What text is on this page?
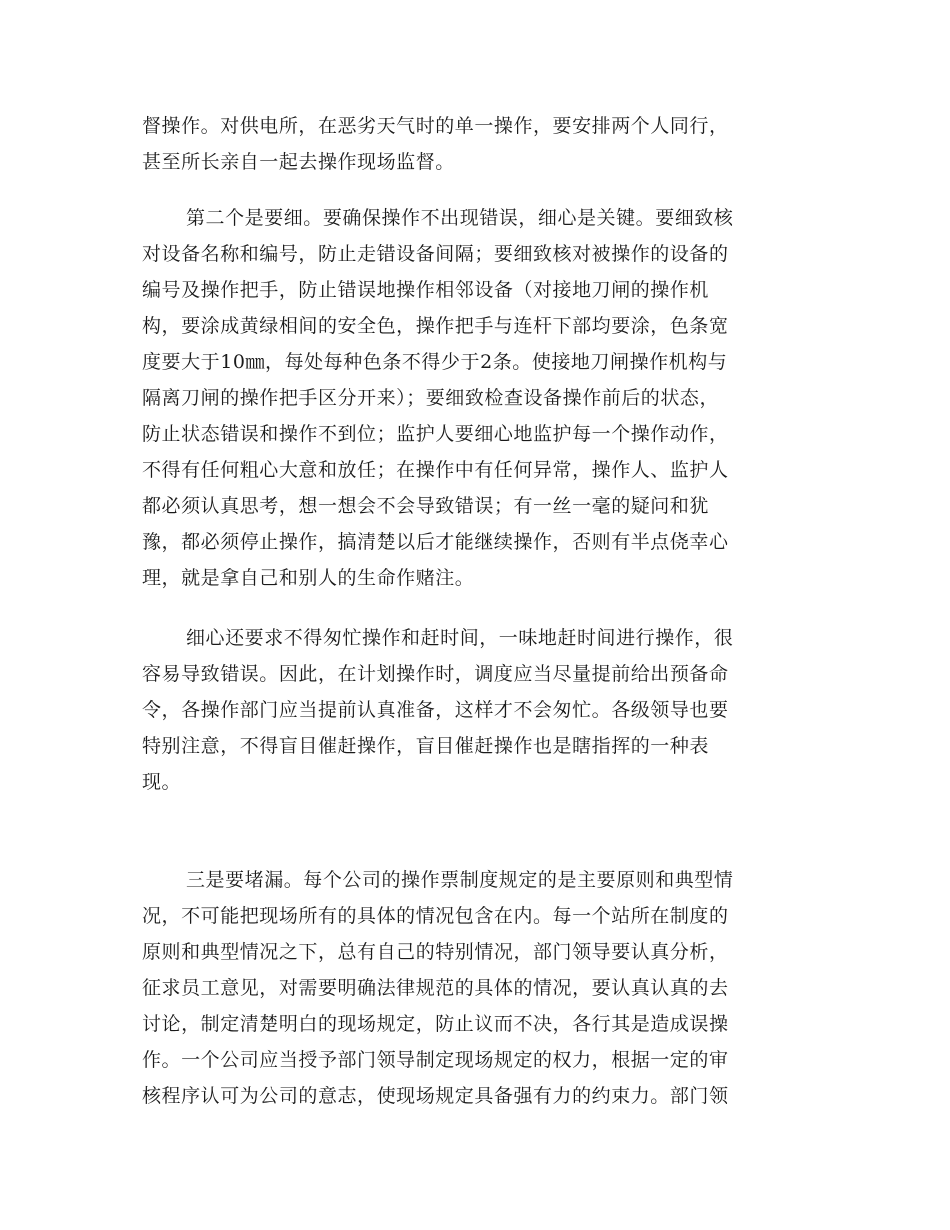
督操作。对供电所，在恶劣天气时的单一操作，要安排两个人同行，
甚至所长亲自一起去操作现场监督。
第二个是要细。要确保操作不出现错误，细心是关键。要细致核
对设备名称和编号，防止走错设备间隔；要细致核对被操作的设备的
编号及操作把手，防止错误地操作相邻设备（对接地刀闸的操作机
构，要涂成黄绿相间的安全色，操作把手与连杆下部均要涂，色条宽
度要大于10㎜，每处每种色条不得少于2条。使接地刀闸操作机构与
隔离刀闸的操作把手区分开来）；要细致检查设备操作前后的状态，
防止状态错误和操作不到位；监护人要细心地监护每一个操作动作，
不得有任何粗心大意和放任；在操作中有任何异常，操作人、监护人
都必须认真思考，想一想会不会导致错误；有一丝一毫的疑问和犹
豫，都必须停止操作，搞清楚以后才能继续操作，否则有半点侥幸心
理，就是拿自己和别人的生命作赌注。
细心还要求不得匆忙操作和赶时间，一味地赶时间进行操作，很
容易导致错误。因此，在计划操作时，调度应当尽量提前给出预备命
令，各操作部门应当提前认真准备，这样才不会匆忙。各级领导也要
特别注意，不得盲目催赶操作，盲目催赶操作也是瞎指挥的一种表
现。
三是要堵漏。每个公司的操作票制度规定的是主要原则和典型情
况，不可能把现场所有的具体的情况包含在内。每一个站所在制度的
原则和典型情况之下，总有自己的特别情况，部门领导要认真分析，
征求员工意见，对需要明确法律规范的具体的情况，要认真认真的去
讨论，制定清楚明白的现场规定，防止议而不决，各行其是造成误操
作。一个公司应当授予部门领导制定现场规定的权力，根据一定的审
核程序认可为公司的意志，使现场规定具备强有力的约束力。部门领
